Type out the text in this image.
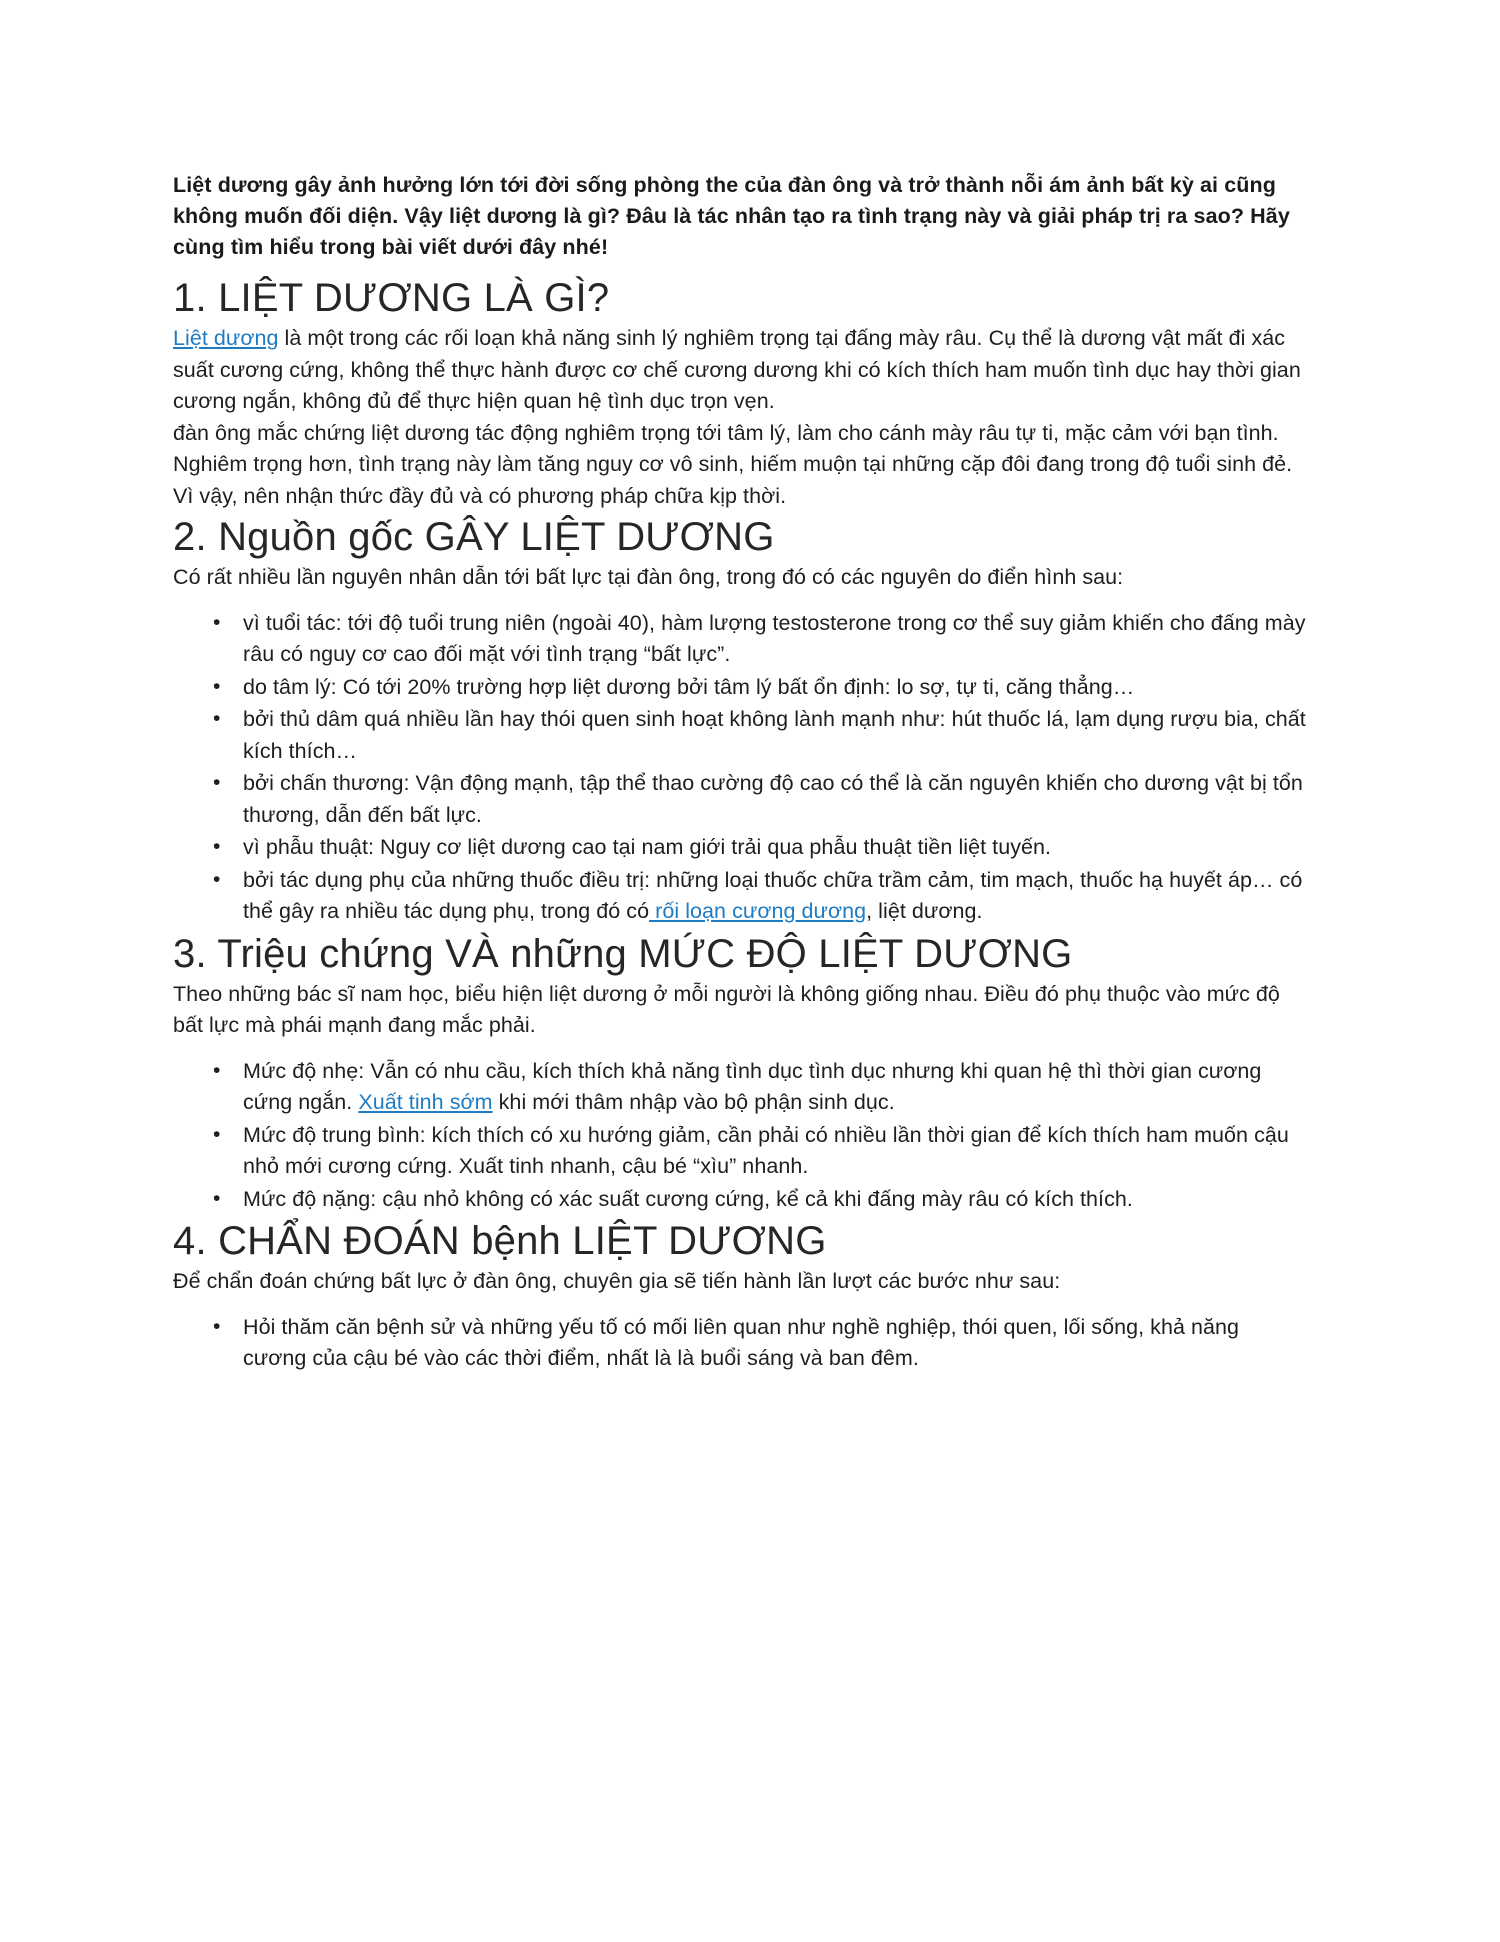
Liệt dương gây ảnh hưởng lớn tới đời sống phòng the của đàn ông và trở thành nỗi ám ảnh bất kỳ ai cũng không muốn đối diện. Vậy liệt dương là gì? Đâu là tác nhân tạo ra tình trạng này và giải pháp trị ra sao? Hãy cùng tìm hiểu trong bài viết dưới đây nhé!

1. LIỆT DƯƠNG LÀ GÌ?

Liệt dương là một trong các rối loạn khả năng sinh lý nghiêm trọng tại đấng mày râu. Cụ thể là dương vật mất đi xác suất cương cứng, không thể thực hành được cơ chế cương dương khi có kích thích ham muốn tình dục hay thời gian cương ngắn, không đủ để thực hiện quan hệ tình dục trọn vẹn.

đàn ông mắc chứng liệt dương tác động nghiêm trọng tới tâm lý, làm cho cánh mày râu tự ti, mặc cảm với bạn tình. Nghiêm trọng hơn, tình trạng này làm tăng nguy cơ vô sinh, hiếm muộn tại những cặp đôi đang trong độ tuổi sinh đẻ. Vì vậy, nên nhận thức đầy đủ và có phương pháp chữa kịp thời.

2. Nguồn gốc GÂY LIỆT DƯƠNG

Có rất nhiều lần nguyên nhân dẫn tới bất lực tại đàn ông, trong đó có các nguyên do điển hình sau:

• vì tuổi tác: tới độ tuổi trung niên (ngoài 40), hàm lượng testosterone trong cơ thể suy giảm khiến cho đấng mày râu có nguy cơ cao đối mặt với tình trạng “bất lực”.
• do tâm lý: Có tới 20% trường hợp liệt dương bởi tâm lý bất ổn định: lo sợ, tự ti, căng thẳng…
• bởi thủ dâm quá nhiều lần hay thói quen sinh hoạt không lành mạnh như: hút thuốc lá, lạm dụng rượu bia, chất kích thích…
• bởi chấn thương: Vận động mạnh, tập thể thao cường độ cao có thể là căn nguyên khiến cho dương vật bị tổn thương, dẫn đến bất lực.
• vì phẫu thuật: Nguy cơ liệt dương cao tại nam giới trải qua phẫu thuật tiền liệt tuyến.
• bởi tác dụng phụ của những thuốc điều trị: những loại thuốc chữa trầm cảm, tim mạch, thuốc hạ huyết áp… có thể gây ra nhiều tác dụng phụ, trong đó có rối loạn cương dương, liệt dương.
3. Triệu chứng VÀ những MỨC ĐỘ LIỆT DƯƠNG

Theo những bác sĩ nam học, biểu hiện liệt dương ở mỗi người là không giống nhau. Điều đó phụ thuộc vào mức độ bất lực mà phái mạnh đang mắc phải.

• Mức độ nhẹ: Vẫn có nhu cầu, kích thích khả năng tình dục tình dục nhưng khi quan hệ thì thời gian cương cứng ngắn. Xuất tinh sớm khi mới thâm nhập vào bộ phận sinh dục.
• Mức độ trung bình: kích thích có xu hướng giảm, cần phải có nhiều lần thời gian để kích thích ham muốn cậu nhỏ mới cương cứng. Xuất tinh nhanh, cậu bé “xìu” nhanh.
• Mức độ nặng: cậu nhỏ không có xác suất cương cứng, kể cả khi đấng mày râu có kích thích.
4. CHẨN ĐOÁN bệnh LIỆT DƯƠNG

Để chẩn đoán chứng bất lực ở đàn ông, chuyên gia sẽ tiến hành lần lượt các bước như sau:

• Hỏi thăm căn bệnh sử và những yếu tố có mối liên quan như nghề nghiệp, thói quen, lối sống, khả năng cương của cậu bé vào các thời điểm, nhất là là buổi sáng và ban đêm.
